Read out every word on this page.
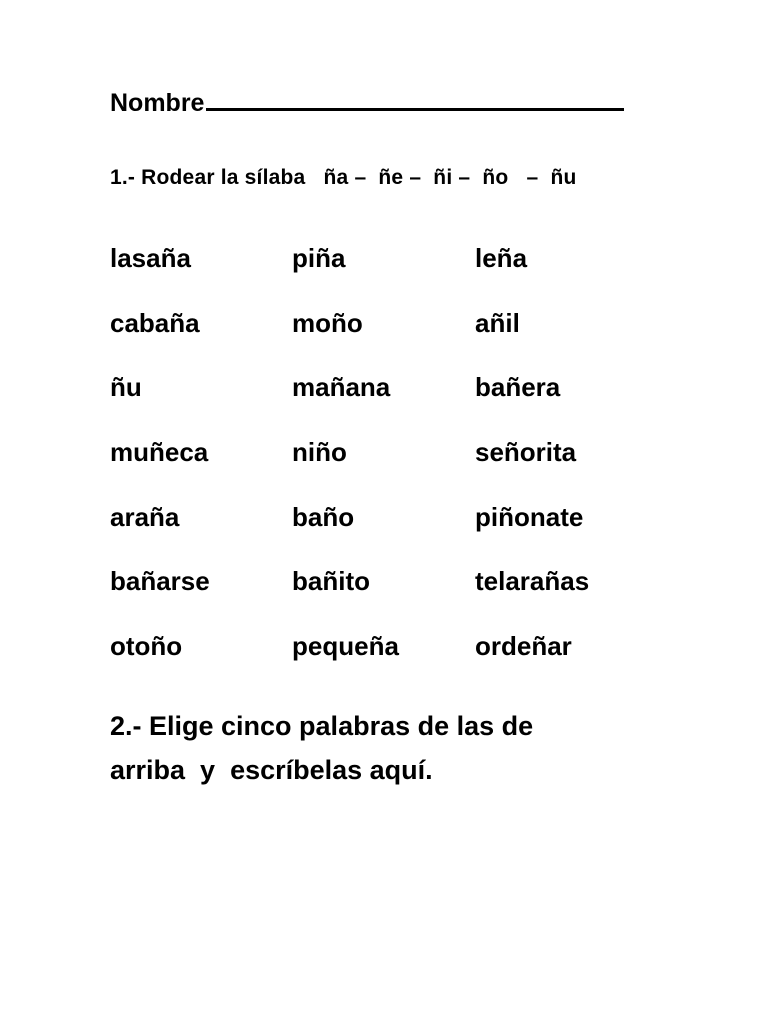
Nombre
1.- Rodear la sílaba   ña –  ñe –  ñi –  ño   –  ñu
lasaña	piña	leña
cabaña	moño	añil
ñu	mañana	bañera
muñeca	niño	señorita
araña	baño	piñonate
bañarse	bañito	telarañas
otoño	pequeña	ordeñar
2.- Elige cinco palabras de las de
arriba  y  escríbelas aquí.
